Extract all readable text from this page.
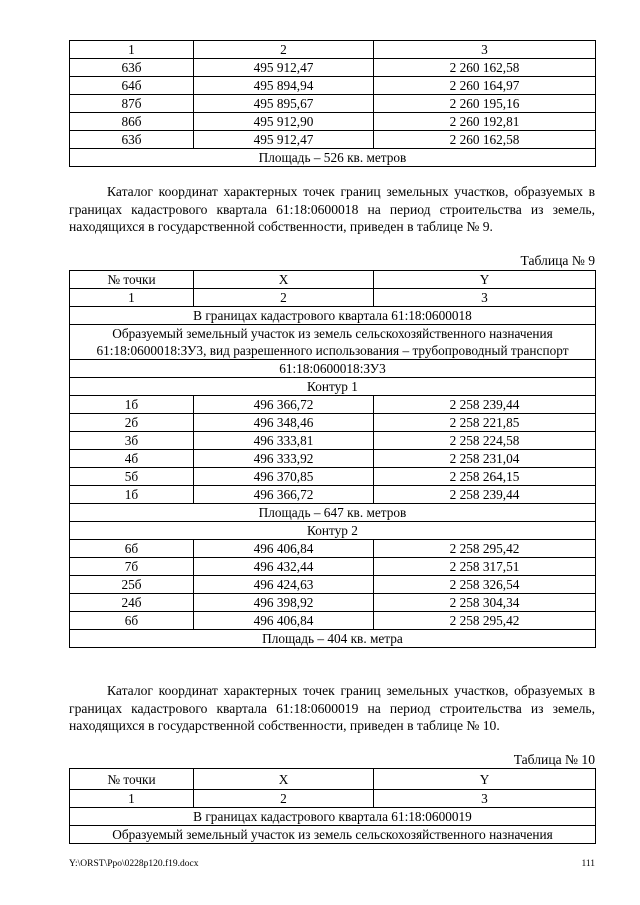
1	2	3
63б	495 912,47	2 260 162,58
64б	495 894,94	2 260 164,97
87б	495 895,67	2 260 195,16
86б	495 912,90	2 260 192,81
63б	495 912,47	2 260 162,58
Площадь – 526 кв. метров		

Каталог координат характерных точек границ земельных участков, образуемых в границах кадастрового квартала 61:18:0600018 на период строительства из земель, находящихся в государственной собственности, приведен в таблице № 9.

Таблица № 9

№ точки	X	Y
1	2	3
В границах кадастрового квартала 61:18:0600018		
Образуемый земельный участок из земель сельскохозяйственного назначения 61:18:0600018:ЗУ3, вид разрешенного использования – трубопроводный транспорт		
61:18:0600018:ЗУ3		
Контур 1		
1б	496 366,72	2 258 239,44
2б	496 348,46	2 258 221,85
3б	496 333,81	2 258 224,58
4б	496 333,92	2 258 231,04
5б	496 370,85	2 258 264,15
1б	496 366,72	2 258 239,44
Площадь – 647 кв. метров		
Контур 2		
6б	496 406,84	2 258 295,42
7б	496 432,44	2 258 317,51
25б	496 424,63	2 258 326,54
24б	496 398,92	2 258 304,34
6б	496 406,84	2 258 295,42
Площадь – 404 кв. метра		

Каталог координат характерных точек границ земельных участков, образуемых в границах кадастрового квартала 61:18:0600019 на период строительства из земель, находящихся в государственной собственности, приведен в таблице № 10.

Таблица № 10

№ точки	X	Y
1	2	3
В границах кадастрового квартала 61:18:0600019		
Образуемый земельный участок из земель сельскохозяйственного назначения		
Y:\ORST\Ppo\0228p120.f19.docx	111
